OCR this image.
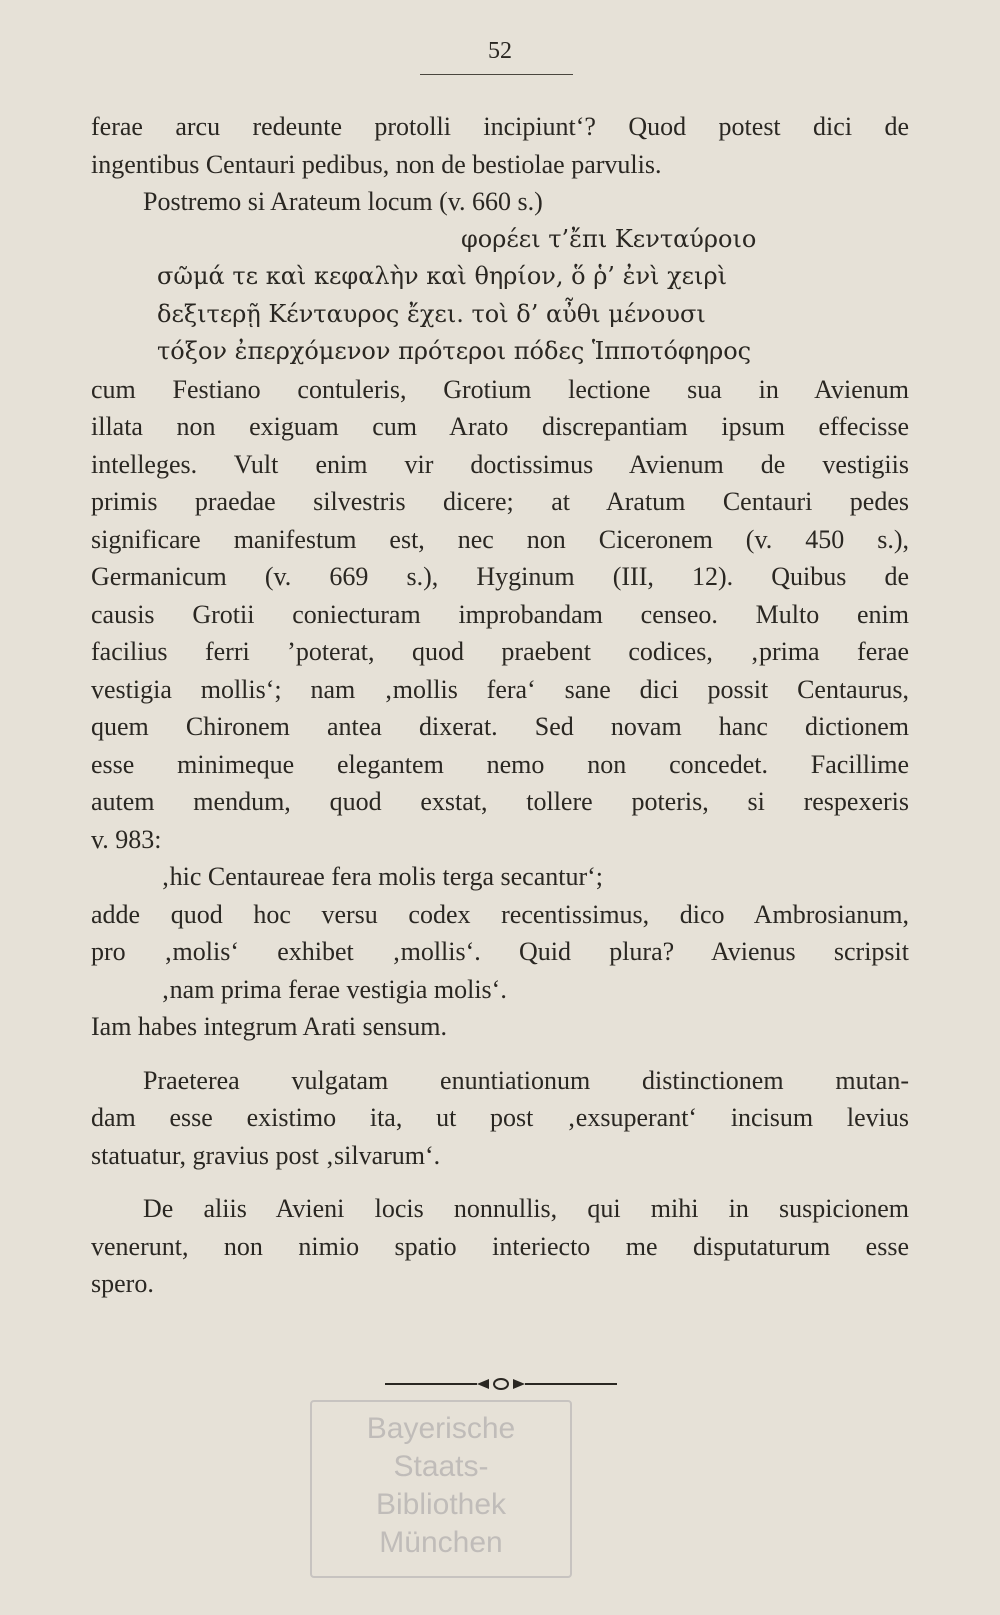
52
ferae arcu redeunte protolli incipiunt‘? Quod potest dici de
ingentibus Centauri pedibus, non de bestiolae parvulis.
Postremo si Arateum locum (v. 660 s.)
φορέει τ’ἔπι Κενταύροιο
σῶμά τε καὶ κεφαλὴν καὶ θηρίον, ὅ ῥ’ ἐνὶ χειρὶ
δεξιτερῇ Κένταυρος ἔχει. τοὶ δ’ αὖθι μένουσι
τόξον ἐπερχόμενον πρότεροι πόδες Ἱπποτόφηρος
cum Festiano contuleris, Grotium lectione sua in Avienum
illata non exiguam cum Arato discrepantiam ipsum effecisse
intelleges. Vult enim vir doctissimus Avienum de vestigiis
primis praedae silvestris dicere; at Aratum Centauri pedes
significare manifestum est, nec non Ciceronem (v. 450 s.),
Germanicum (v. 669 s.), Hyginum (III, 12). Quibus de
causis Grotii coniecturam improbandam censeo. Multo enim
facilius ferri ’poterat, quod praebent codices, ‚prima ferae
vestigia mollis‘; nam ‚mollis fera‘ sane dici possit Centaurus,
quem Chironem antea dixerat. Sed novam hanc dictionem
esse minimeque elegantem nemo non concedet. Facillime
autem mendum, quod exstat, tollere poteris, si respexeris
v. 983:
‚hic Centaureae fera molis terga secantur‘;
adde quod hoc versu codex recentissimus, dico Ambrosianum,
pro ‚molis‘ exhibet ‚mollis‘. Quid plura? Avienus scripsit
‚nam prima ferae vestigia molis‘.
Iam habes integrum Arati sensum.
Praeterea vulgatam enuntiationum distinctionem mutan-
dam esse existimo ita, ut post ‚exsuperant‘ incisum levius
statuatur, gravius post ‚silvarum‘.
De aliis Avieni locis nonnullis, qui mihi in suspicionem
venerunt, non nimio spatio interiecto me disputaturum esse
spero.
Bayerische
Staats-
Bibliothek
München
